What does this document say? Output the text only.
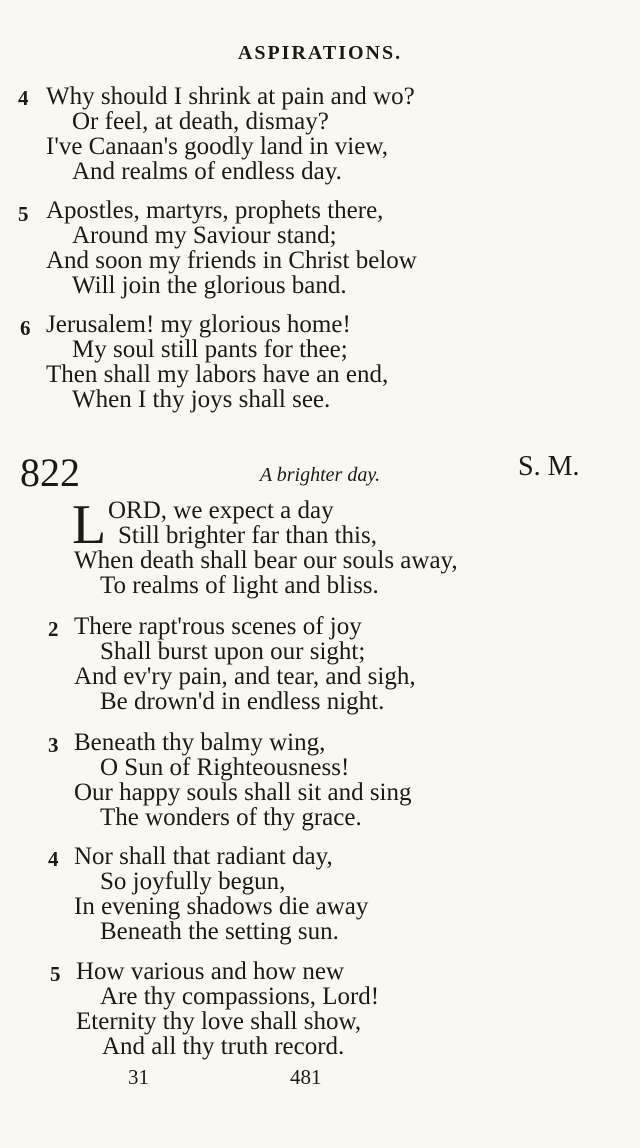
ASPIRATIONS.
4 Why should I shrink at pain and wo?
Or feel, at death, dismay?
I've Canaan's goodly land in view,
And realms of endless day.
5 Apostles, martyrs, prophets there,
Around my Saviour stand;
And soon my friends in Christ below
Will join the glorious band.
6 Jerusalem! my glorious home!
My soul still pants for thee;
Then shall my labors have an end,
When I thy joys shall see.
822	A brighter day.	S. M.
L ORD, we expect a day
Still brighter far than this,
When death shall bear our souls away,
To realms of light and bliss.
2 There rapt'rous scenes of joy
Shall burst upon our sight;
And ev'ry pain, and tear, and sigh,
Be drown'd in endless night.
3 Beneath thy balmy wing,
O Sun of Righteousness!
Our happy souls shall sit and sing
The wonders of thy grace.
4 Nor shall that radiant day,
So joyfully begun,
In evening shadows die away
Beneath the setting sun.
5 How various and how new
Are thy compassions, Lord!
Eternity thy love shall show,
And all thy truth record.
31	481
